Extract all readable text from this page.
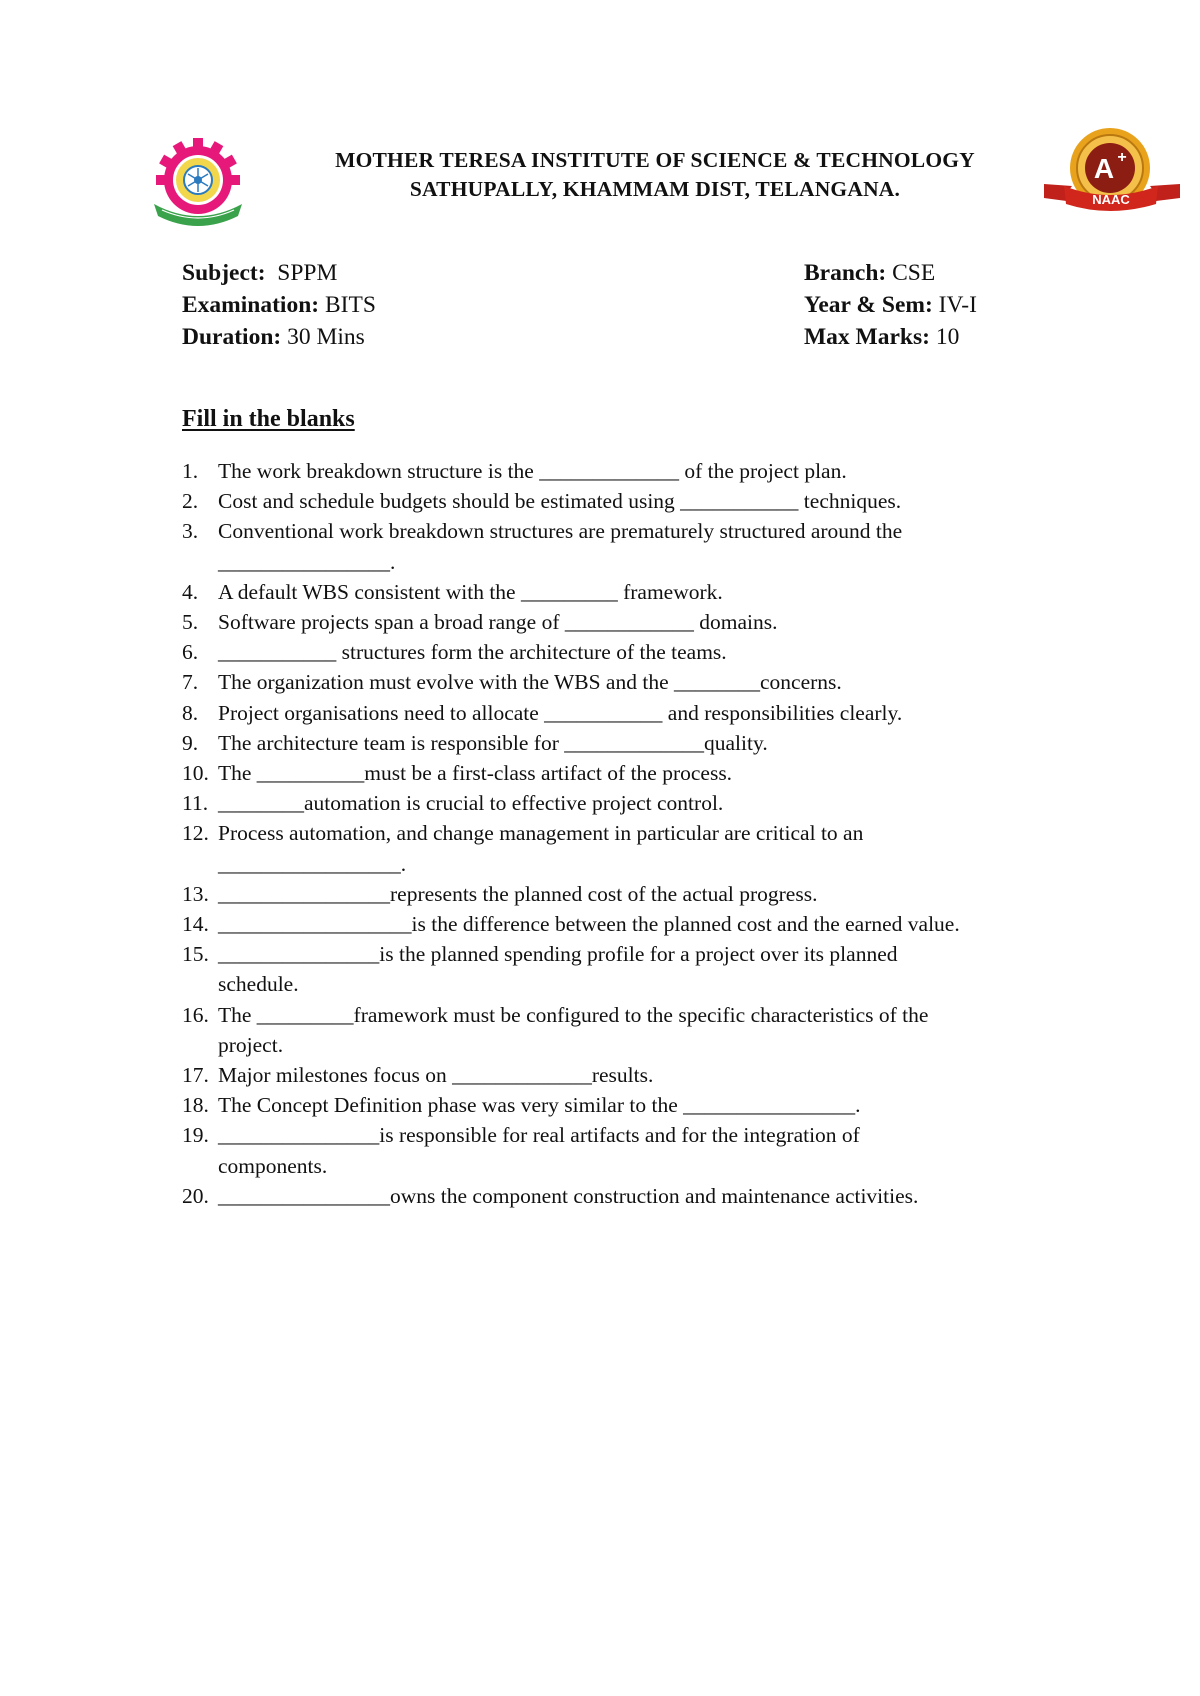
MOTHER TERESA INSTITUTE OF SCIENCE & TECHNOLOGY
SATHUPALLY, KHAMMAM DIST, TELANGANA.
A +
NAAC
Subject: SPPM
Examination: BITS
Duration: 30 Mins
Branch: CSE
Year & Sem: IV-I
Max Marks: 10
Fill in the blanks
1. The work breakdown structure is the _____________ of the project plan.
2. Cost and schedule budgets should be estimated using ___________ techniques.
3. Conventional work breakdown structures are prematurely structured around the
________________.
4. A default WBS consistent with the _________ framework.
5. Software projects span a broad range of ____________ domains.
6. ___________ structures form the architecture of the teams.
7. The organization must evolve with the WBS and the ________concerns.
8. Project organisations need to allocate ___________ and responsibilities clearly.
9. The architecture team is responsible for _____________quality.
10. The __________must be a first-class artifact of the process.
11. ________automation is crucial to effective project control.
12. Process automation, and change management in particular are critical to an
_________________.
13. ________________represents the planned cost of the actual progress.
14. __________________is the difference between the planned cost and the earned value.
15. _______________is the planned spending profile for a project over its planned
schedule.
16. The _________framework must be configured to the specific characteristics of the
project.
17. Major milestones focus on _____________results.
18. The Concept Definition phase was very similar to the ________________.
19. _______________is responsible for real artifacts and for the integration of
components.
20. ________________owns the component construction and maintenance activities.
